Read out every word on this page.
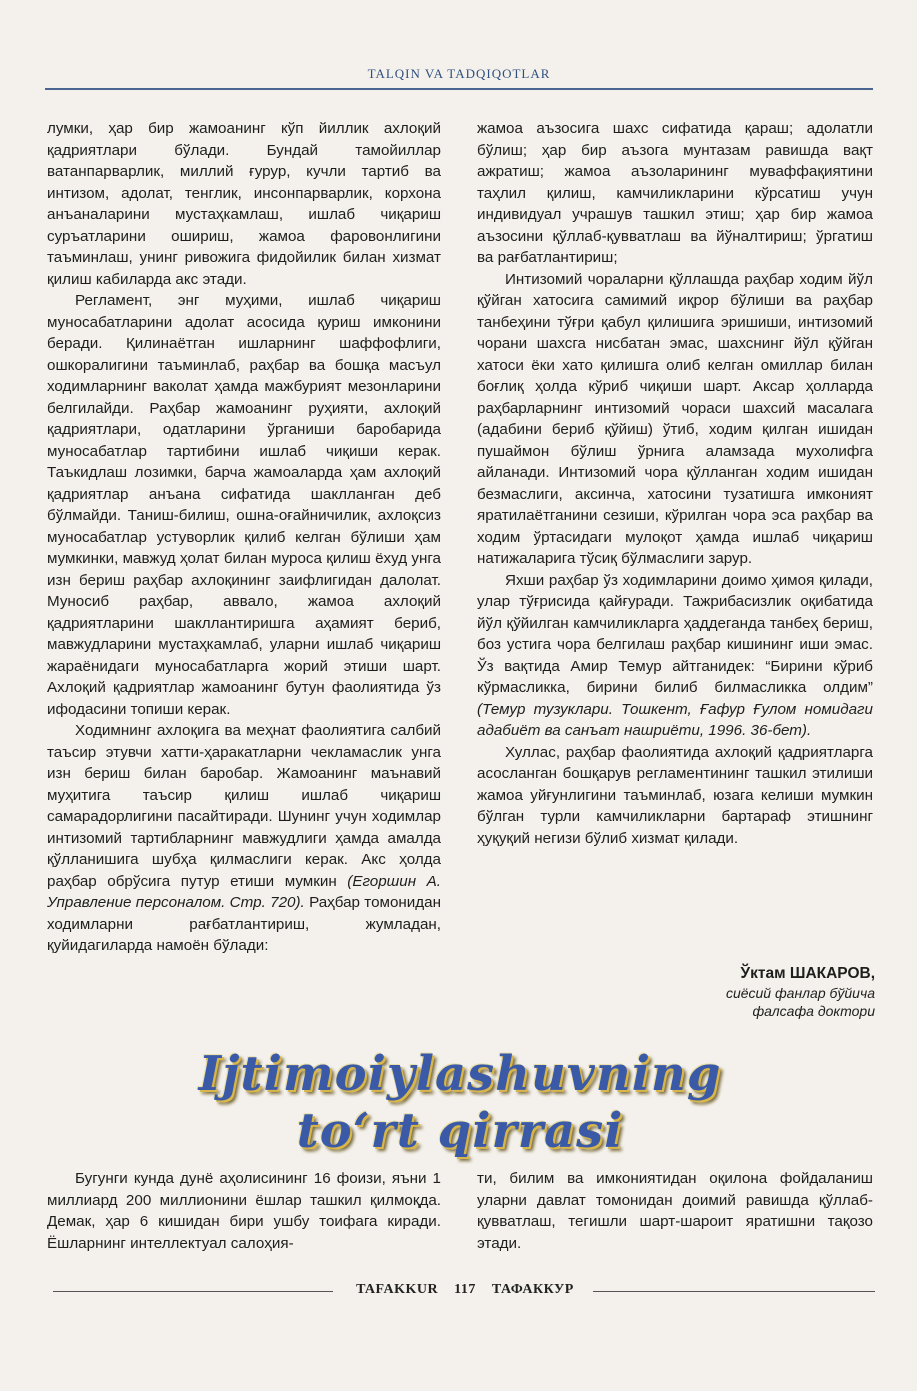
TALQIN VA TADQIQOTLAR

лумки, ҳар бир жамоанинг кўп йиллик ахлоқий қадриятлари бўлади. Бундай тамойиллар ватанпарварлик, миллий ғурур, кучли тартиб ва интизом, адолат, тенглик, инсонпарварлик, корхона анъаналарини мустаҳкамлаш, ишлаб чиқариш суръатларини ошириш, жамоа фаровонлигини таъминлаш, унинг ривожига фидойилик билан хизмат қилиш кабиларда акс этади.

Регламент, энг муҳими, ишлаб чиқариш муносабатларини адолат асосида қуриш имконини беради. Қилинаётган ишларнинг шаффофлиги, ошкоралигини таъминлаб, раҳбар ва бошқа масъул ходимларнинг ваколат ҳамда мажбурият мезонларини белгилайди. Раҳбар жамоанинг руҳияти, ахлоқий қадриятлари, одатларини ўрганиши баробарида муносабатлар тартибини ишлаб чиқиши керак. Таъкидлаш лозимки, барча жамоаларда ҳам ахлоқий қадриятлар анъана сифатида шаклланган деб бўлмайди. Таниш-билиш, ошна-оғайничилик, ахлоқсиз муносабатлар устуворлик қилиб келган бўлиши ҳам мумкинки, мавжуд ҳолат билан муроса қилиш ёхуд унга изн бериш раҳбар ахлоқининг заифлигидан далолат. Муносиб раҳбар, аввало, жамоа ахлоқий қадриятларини шакллантиришга аҳамият бериб, мавжудларини мустаҳкамлаб, уларни ишлаб чиқариш жараёнидаги муносабатларга жорий этиши шарт. Ахлоқий қадриятлар жамоанинг бутун фаолиятида ўз ифодасини топиши керак.

Ходимнинг ахлоқига ва меҳнат фаолиятига салбий таъсир этувчи хатти-ҳаракатларни чекламаслик унга изн бериш билан баробар. Жамоанинг маънавий муҳитига таъсир қилиш ишлаб чиқариш самарадорлигини пасайтиради. Шунинг учун ходимлар интизомий тартибларнинг мавжудлиги ҳамда амалда қўлланишига шубҳа қилмаслиги керак. Акс ҳолда раҳбар обрўсига путур етиши мумкин (Егоршин А. Управление персоналом. Стр. 720). Раҳбар томонидан ходимларни рағбатлантириш, жумладан, қуйидагиларда намоён бўлади:

жамоа аъзосига шахс сифатида қараш; адолатли бўлиш; ҳар бир аъзога мунтазам равишда вақт ажратиш; жамоа аъзоларининг муваффақиятини таҳлил қилиш, камчиликларини кўрсатиш учун индивидуал учрашув ташкил этиш; ҳар бир жамоа аъзосини қўллаб-қувватлаш ва йўналтириш; ўргатиш ва рағбатлантириш;

Интизомий чораларни қўллашда раҳбар ходим йўл қўйган хатосига самимий иқрор бўлиши ва раҳбар танбеҳини тўғри қабул қилишига эришиши, интизомий чорани шахсга нисбатан эмас, шахснинг йўл қўйган хатоси ёки хато қилишга олиб келган омиллар билан боғлиқ ҳолда кўриб чиқиши шарт. Аксар ҳолларда раҳбарларнинг интизомий чораси шахсий масалага (адабини бериб қўйиш) ўтиб, ходим қилган ишидан пушаймон бўлиш ўрнига аламзада мухолифга айланади. Интизомий чора қўлланган ходим ишидан безмаслиги, аксинча, хатосини тузатишга имконият яратилаётганини сезиши, кўрилган чора эса раҳбар ва ходим ўртасидаги мулоқот ҳамда ишлаб чиқариш натижаларига тўсиқ бўлмаслиги зарур.

Яхши раҳбар ўз ходимларини доимо ҳимоя қилади, улар тўғрисида қайғуради. Тажрибасизлик оқибатида йўл қўйилган камчиликларга ҳаддеганда танбеҳ бериш, боз устига чора белгилаш раҳбар кишининг иши эмас. Ўз вақтида Амир Темур айтганидек: “Бирини кўриб кўрмасликка, бирини билиб билмасликка олдим” (Темур тузуклари. Тошкент, Ғафур Ғулом номидаги адабиёт ва санъат нашриёти, 1996. 36-бет).

Хуллас, раҳбар фаолиятида ахлоқий қадриятларга асосланган бошқарув регламентининг ташкил этилиши жамоа уйғунлигини таъминлаб, юзага келиши мумкин бўлган турли камчиликларни бартараф этишнинг ҳуқуқий негизи бўлиб хизмат қилади.

Ўктам ШАКАРОВ,
сиёсий фанлар бўйича
фалсафа доктори
Ijtimoiylashuvning
to‘rt qirrasi

Бугунги кунда дунё аҳолисининг 16 фоизи, яъни 1 миллиард 200 миллионини ёшлар ташкил қилмоқда. Демак, ҳар 6 кишидан бири ушбу тоифага киради. Ёшларнинг интеллектуал салоҳия-

ти, билим ва имкониятидан оқилона фойдаланиш уларни давлат томонидан доимий равишда қўллаб-қувватлаш, тегишли шарт-шароит яратишни тақозо этади.

TAFAKKUR 117 ТАФАККУР
